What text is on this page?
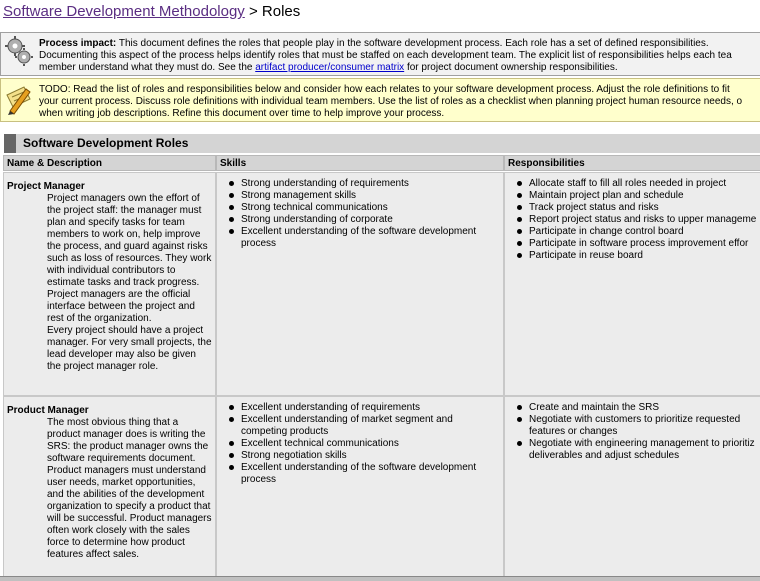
Software Development Methodology > Roles
Process impact: This document defines the roles that people play in the software development process. Each role has a set of defined responsibilities.
Documenting this aspect of the process helps identify roles that must be staffed on each development team. The explicit list of responsibilities helps each tea
member understand what they must do. See the artifact producer/consumer matrix for project document ownership responsibilities.
TODO: Read the list of roles and responsibilities below and consider how each relates to your software development process. Adjust the role definitions to fit
your current process. Discuss role definitions with individual team members. Use the list of roles as a checklist when planning project human resource needs, o
when writing job descriptions. Refine this document over time to help improve your process.
Software Development Roles
Name & Description	Skills	Responsibilities
Project Manager

Project managers own the effort of the project staff: the manager must plan and specify tasks for team members to work on, help improve the process, and guard against risks such as loss of resources. They work with individual contributors to estimate tasks and track progress. Project managers are the official interface between the project and rest of the organization.

Every project should have a project manager. For very small projects, the lead developer may also be given the project manager role.

Strong understanding of requirements
Strong management skills
Strong technical communications
Strong understanding of corporate
Excellent understanding of the software development
process
Allocate staff to fill all roles needed in project
Maintain project plan and schedule
Track project status and risks
Report project status and risks to upper manageme
Participate in change control board
Participate in software process improvement effor
Participate in reuse board
Product Manager

The most obvious thing that a product manager does is writing the SRS: the product manager owns the software requirements document. Product managers must understand user needs, market opportunities, and the abilities of the development organization to specify a product that will be successful. Product managers often work closely with the sales force to determine how product features affect sales.

Excellent understanding of requirements
Excellent understanding of market segment and
competing products
Excellent technical communications
Strong negotiation skills
Excellent understanding of the software development
process
Create and maintain the SRS
Negotiate with customers to prioritize requested
features or changes
Negotiate with engineering management to prioritiz
deliverables and adjust schedules
